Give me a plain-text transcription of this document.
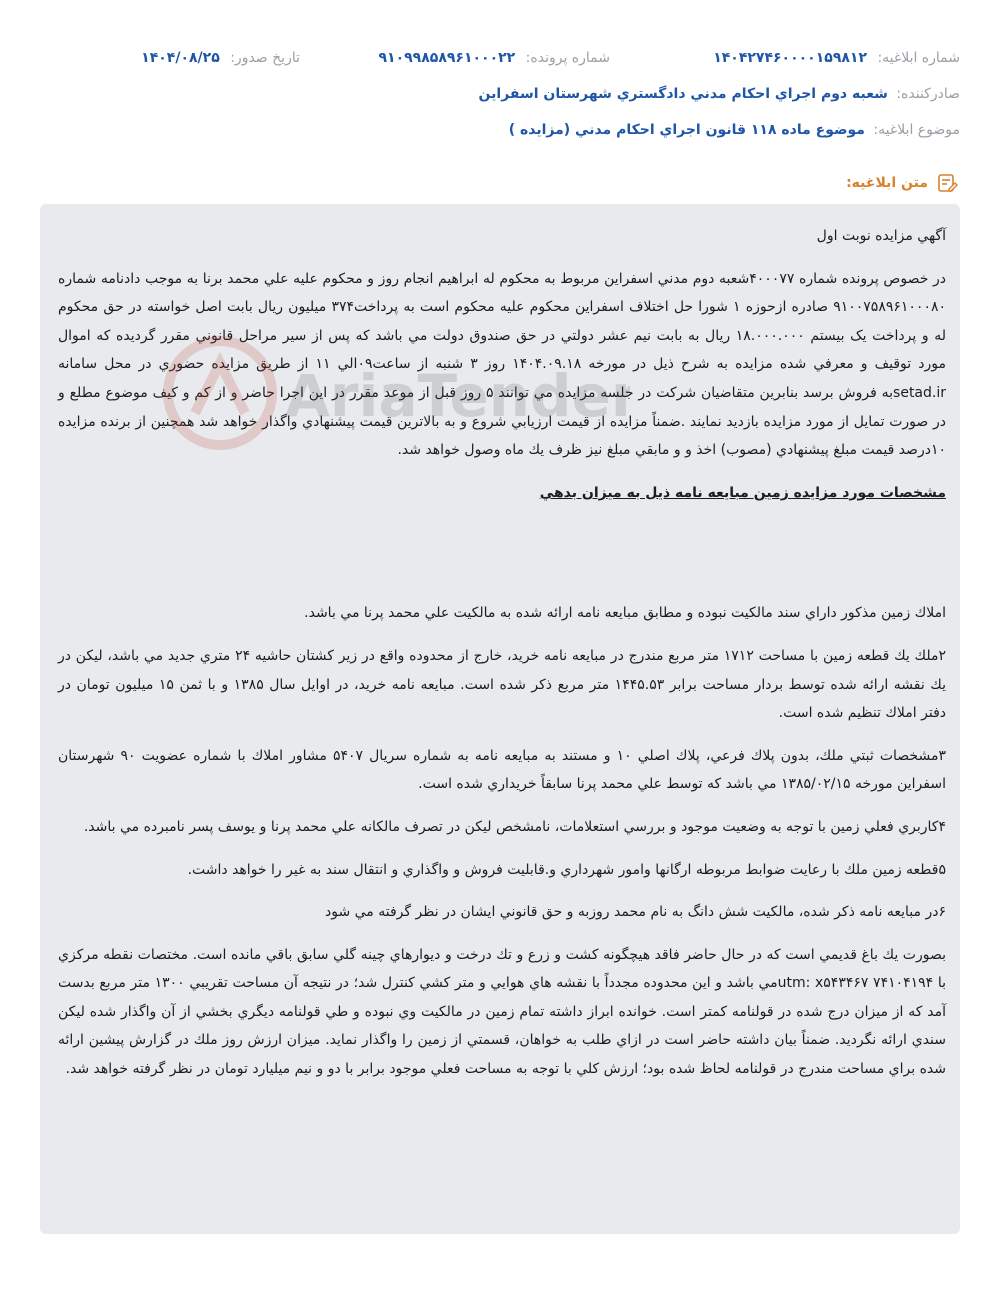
شماره ابلاغیه: ۱۴۰۴۲۷۴۶۰۰۰۰۱۵۹۸۱۲
شماره پرونده: ۹۱۰۹۹۸۵۸۹۶۱۰۰۰۲۲
تاریخ صدور: ۱۴۰۴/۰۸/۲۵
صادرکننده: شعبه دوم اجراي احكام مدني دادگستري شهرستان اسفراين
موضوع ابلاغیه: موضوع ماده ۱۱۸ قانون اجراي احكام مدني (مزايده )
متن ابلاغیه:

آگهي مزايده نوبت اول

در خصوص پرونده شماره ۴۰۰۰۷۷شعبه دوم مدني اسفراين مربوط به محكوم له ابراهيم انجام روز و محكوم عليه علي محمد برنا به موجب دادنامه شماره ۹۱۰۰۷۵۸۹۶۱۰۰۰۸۰ صادره ازحوزه ۱ شورا حل اختلاف اسفراين محكوم عليه محكوم است به پرداخت۳۷۴ ميليون ريال بابت اصل خواسته در حق محكوم له و پرداخت يک بيستم ۱۸.۰۰۰.۰۰۰ ريال به بابت نيم عشر دولتي در حق صندوق دولت مي باشد كه پس از سير مراحل قانوني مقرر گرديده كه اموال مورد توقيف و معرفي شده مزايده به شرح ذيل در مورخه ۱۴۰۴.۰۹.۱۸ روز ۳ شنبه از ساعت۰۹الي ۱۱ از طريق مزايده حضوري در محل سامانه setad.irبه فروش برسد بنابرين متقاضيان شركت در جلسه مزايده مي توانند ۵ روز قبل از موعد مقرر در اين اجرا حاضر و از كم و كيف موضوع مطلع و در صورت تمايل از مورد مزايده بازديد نمايند .ضمناً مزايده از قيمت ارزيابي شروع و به بالاترين قيمت پيشنهادي واگذار خواهد شد همچنين از برنده مزايده ۱۰درصد قيمت مبلغ پيشنهادي (مصوب) اخذ و و مابقي مبلغ نيز ظرف يك ماه وصول خواهد شد.

مشخصات مورد مزايده زمين مبايعه نامه ذيل به ميزان بدهي

املاك زمين مذكور داراي سند مالكيت نبوده و مطابق مبايعه نامه ارائه شده به مالكيت علي محمد پرنا مي باشد.

۲ملك يك قطعه زمين با مساحت ۱۷۱۲ متر مربع مندرج در مبايعه نامه خريد، خارج از محدوده واقع در زير كشتان حاشيه ۲۴ متري جديد مي باشد، ليكن در يك نقشه ارائه شده توسط بردار مساحت برابر ۱۴۴۵.۵۳ متر مربع ذكر شده است. مبايعه نامه خريد، در اوايل سال ۱۳۸۵ و با ثمن ۱۵ ميليون تومان در دفتر املاك تنظيم شده است.

۳مشخصات ثبتي ملك، بدون پلاك فرعي، پلاك اصلي ۱۰ و مستند به مبايعه نامه به شماره سريال ۵۴۰۷ مشاور املاك با شماره عضويت ۹۰ شهرستان اسفراين مورخه ۱۳۸۵/۰۲/۱۵ مي باشد كه توسط علي محمد پرنا سابقاً خريداري شده است.

۴كاربري فعلي زمين با توجه به وضعيت موجود و بررسي استعلامات، نامشخص ليكن در تصرف مالكانه علي محمد پرنا و يوسف پسر نامبرده مي باشد.

۵قطعه زمين ملك با رعايت ضوابط مربوطه ارگانها وامور شهرداري و.قابليت فروش و واگذاري و انتقال سند به غير را خواهد داشت.

۶در مبايعه نامه ذكر شده، مالكيت شش دانگ به نام محمد روزبه و حق قانوني ايشان در نظر گرفته مي شود

بصورت يك باغ قديمي است كه در حال حاضر فاقد هيچگونه كشت و زرع و تك درخت و ديوارهاي چينه گلي سابق باقي مانده است. مختصات نقطه مركزي با ۷۴۱۰۴۱۹۴ utm: x۵۴۳۴۶۷مي باشد و اين محدوده مجدداً با نقشه هاي هوايي و متر كشي كنترل شد؛ در نتيجه آن مساحت تقريبي ۱۳۰۰ متر مربع بدست آمد كه از ميزان درج شده در قولنامه كمتر است. خوانده ابراز داشته تمام زمين در مالكيت وي نبوده و طي قولنامه ديگري بخشي از آن واگذار شده ليكن سندي ارائه نگرديد. ضمناً بيان داشته حاضر است در ازاي طلب به خواهان، قسمتي از زمين را واگذار نمايد. ميزان ارزش روز ملك در گزارش پيشين ارائه شده براي مساحت مندرج در قولنامه لحاظ شده بود؛ ارزش كلي با توجه به مساحت فعلي موجود برابر با دو و نيم ميليارد تومان در نظر گرفته خواهد شد.
